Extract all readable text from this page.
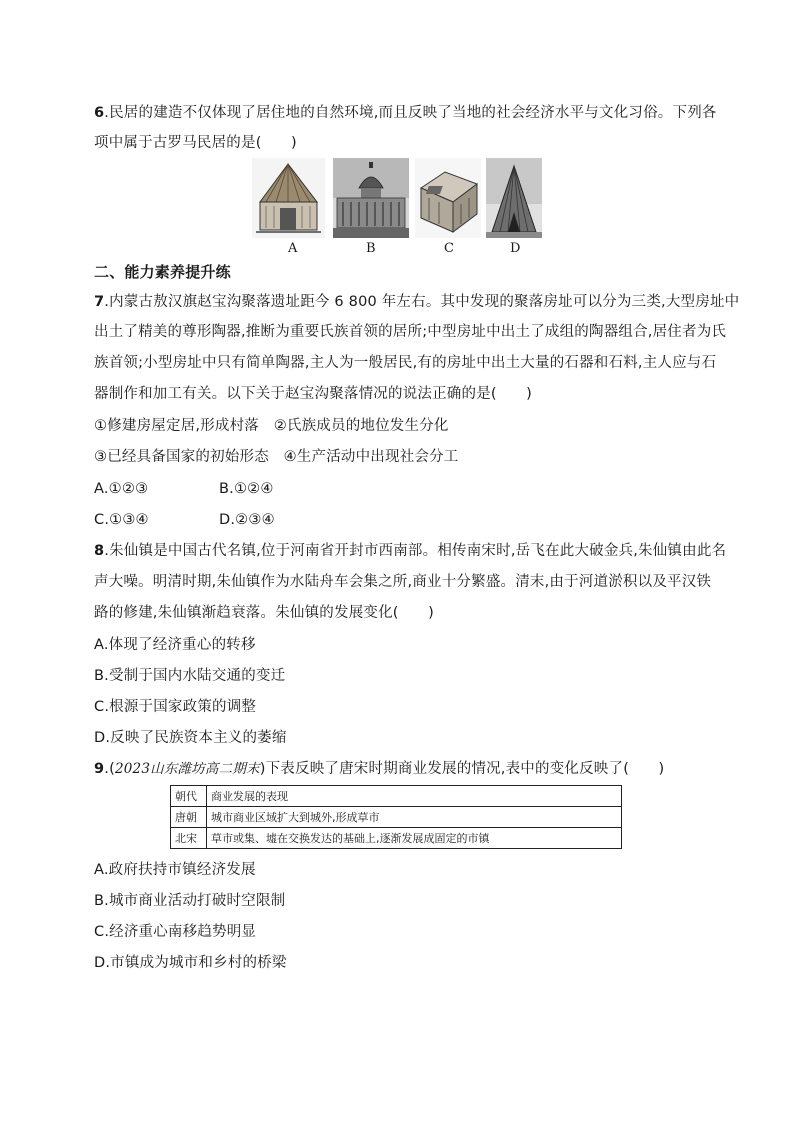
6.民居的建造不仅体现了居住地的自然环境,而且反映了当地的社会经济水平与文化习俗。下列各
项中属于古罗马民居的是(　　)
A	B	C	D
二、能力素养提升练
7.内蒙古敖汉旗赵宝沟聚落遗址距今 6 800 年左右。其中发现的聚落房址可以分为三类,大型房址中
出土了精美的尊形陶器,推断为重要氏族首领的居所;中型房址中出土了成组的陶器组合,居住者为氏
族首领;小型房址中只有简单陶器,主人为一般居民,有的房址中出土大量的石器和石料,主人应与石
器制作和加工有关。以下关于赵宝沟聚落情况的说法正确的是(　　)
①修建房屋定居,形成村落　②氏族成员的地位发生分化
③已经具备国家的初始形态　④生产活动中出现社会分工
A.①②③	B.①②④
C.①③④	D.②③④
8.朱仙镇是中国古代名镇,位于河南省开封市西南部。相传南宋时,岳飞在此大破金兵,朱仙镇由此名
声大噪。明清时期,朱仙镇作为水陆舟车会集之所,商业十分繁盛。清末,由于河道淤积以及平汉铁
路的修建,朱仙镇渐趋衰落。朱仙镇的发展变化(　　)
A.体现了经济重心的转移
B.受制于国内水陆交通的变迁
C.根源于国家政策的调整
D.反映了民族资本主义的萎缩
9.(2023山东潍坊高二期末)下表反映了唐宋时期商业发展的情况,表中的变化反映了(　　)
朝代	商业发展的表现
唐朝	城市商业区域扩大到城外,形成草市
北宋	草市或集、墟在交换发达的基础上,逐渐发展成固定的市镇
A.政府扶持市镇经济发展
B.城市商业活动打破时空限制
C.经济重心南移趋势明显
D.市镇成为城市和乡村的桥梁
